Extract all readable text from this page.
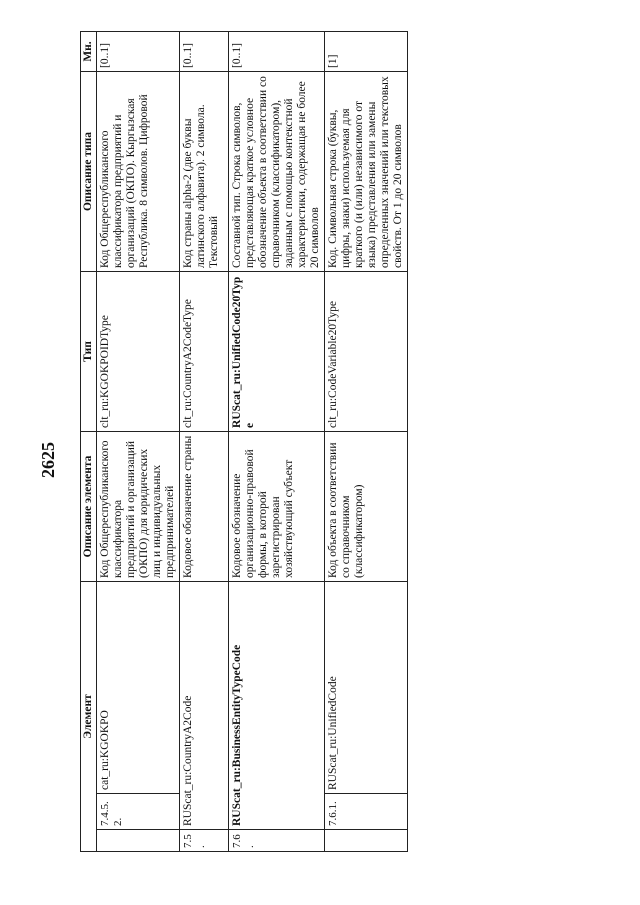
2625
Элемент			Описание элемента	Тип	Описание типа	Мн.
	7.4.5.2.	cat_ru:KGOKPO	Код Общереспубликанского классификатора предприятий и организаций (ОКПО) для юридических лиц и индивидуальных предпринимателей	clt_ru:KGOKPOIDType	Код Общереспубликанского классификатора предприятий и организаций (ОКПО). Кыргызская Республика. 8 символов. Цифровой	[0..1]
7.5.	RUScat_ru:CountryA2Code		Кодовое обозначение страны	clt_ru:CountryA2CodeType	Код страны alpha-2 (две буквы латинского алфавита). 2 символа. Текстовый	[0..1]
7.6.	RUScat_ru:BusinessEntityTypeCode		Кодовое обозначение организационно-правовой формы, в которой зарегистрирован хозяйствующий субъект	RUScat_ru:UnifiedCode20Type	Составной тип. Строка символов, представляющая краткое условное обозначение объекта в соответствии со справочником (классификатором), заданным с помощью контекстной характеристики, содержащая не более 20 символов	[0..1]
	7.6.1.	RUScat_ru:UnifiedCode	Код объекта в соответствии со справочником (классификатором)	clt_ru:CodeVariable20Type	Код. Символьная строка (буквы, цифры, знаки) используемая для краткого (и (или) независимого от языка) представления или замены определенных значений или текстовых свойств. От 1 до 20 символов	[1]
